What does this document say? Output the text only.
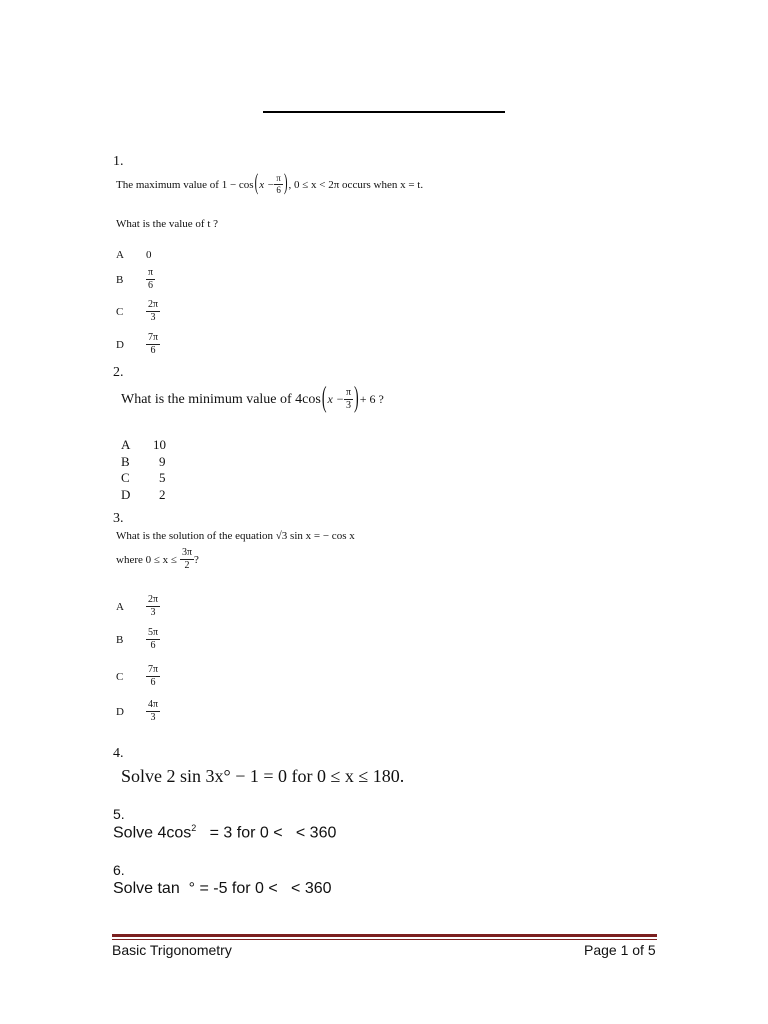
1.
The maximum value of 1 − cos ( $x - \frac{\pi}{6}$ ) , 0 ≤ x < 2π occurs when x = t.
What is the value of t ?
A	0
B	$\frac{\pi}{6}$
C	$\frac{2\pi}{3}$
D	$\frac{7\pi}{6}$
2.
What is the minimum value of 4cos ( $x - \frac{\pi}{3}$ ) + 6 ?
A 10
B 9
C 5
D 2
3.
What is the solution of the equation √3 sin x = − cos x
where $0 \le x \le \frac{3\pi}{2}$ ?
A	$\frac{2\pi}{3}$
B	$\frac{5\pi}{6}$
C	$\frac{7\pi}{6}$
D	$\frac{4\pi}{3}$
4.
Solve 2 sin 3x° − 1 = 0 for 0 ≤ x ≤ 180.
5.
Solve $4\cos^2 = 3$ for 0 <   < 360
6.
Solve tan  ° = -5 for 0 <   < 360
Basic Trigonometry	Page 1 of 5
